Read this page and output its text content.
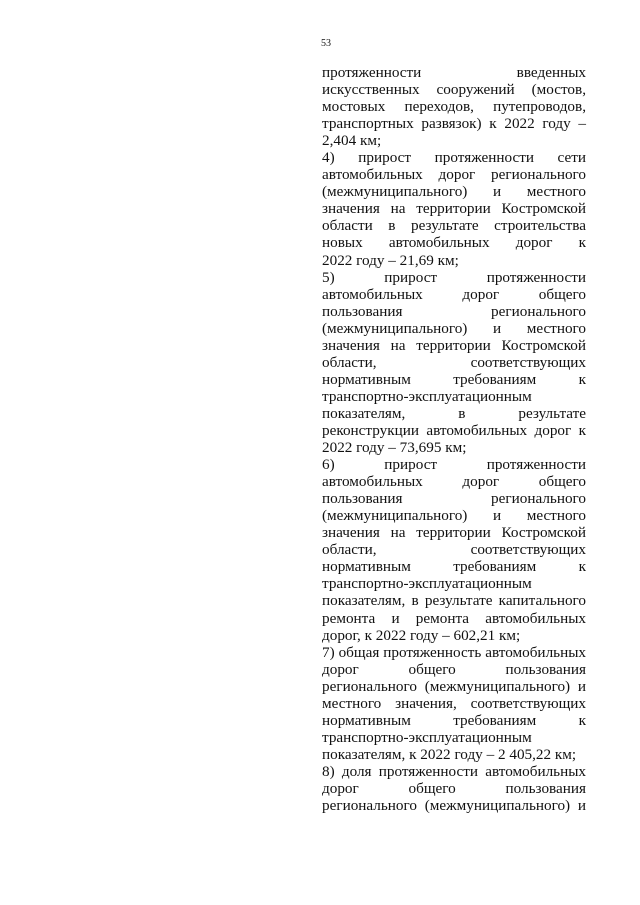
53
протяженности введенных
искусственных сооружений (мостов,
мостовых переходов, путепроводов,
транспортных развязок) к 2022 году –
2,404 км;
4) прирост протяженности сети
автомобильных дорог регионального
(межмуниципального) и местного
значения на территории Костромской
области в результате строительства
новых автомобильных дорог к
2022 году – 21,69 км;
5) прирост протяженности
автомобильных дорог общего
пользования регионального
(межмуниципального) и местного
значения на территории Костромской
области, соответствующих
нормативным требованиям к
транспортно-эксплуатационным
показателям, в результате
реконструкции автомобильных дорог к
2022 году – 73,695 км;
6) прирост протяженности
автомобильных дорог общего
пользования регионального
(межмуниципального) и местного
значения на территории Костромской
области, соответствующих
нормативным требованиям к
транспортно-эксплуатационным
показателям, в результате капитального
ремонта и ремонта автомобильных
дорог, к 2022 году – 602,21 км;
7) общая протяженность автомобильных
дорог общего пользования
регионального (межмуниципального) и
местного значения, соответствующих
нормативным требованиям к
транспортно-эксплуатационным
показателям, к 2022 году – 2 405,22 км;
8) доля протяженности автомобильных
дорог общего пользования
регионального (межмуниципального) и
